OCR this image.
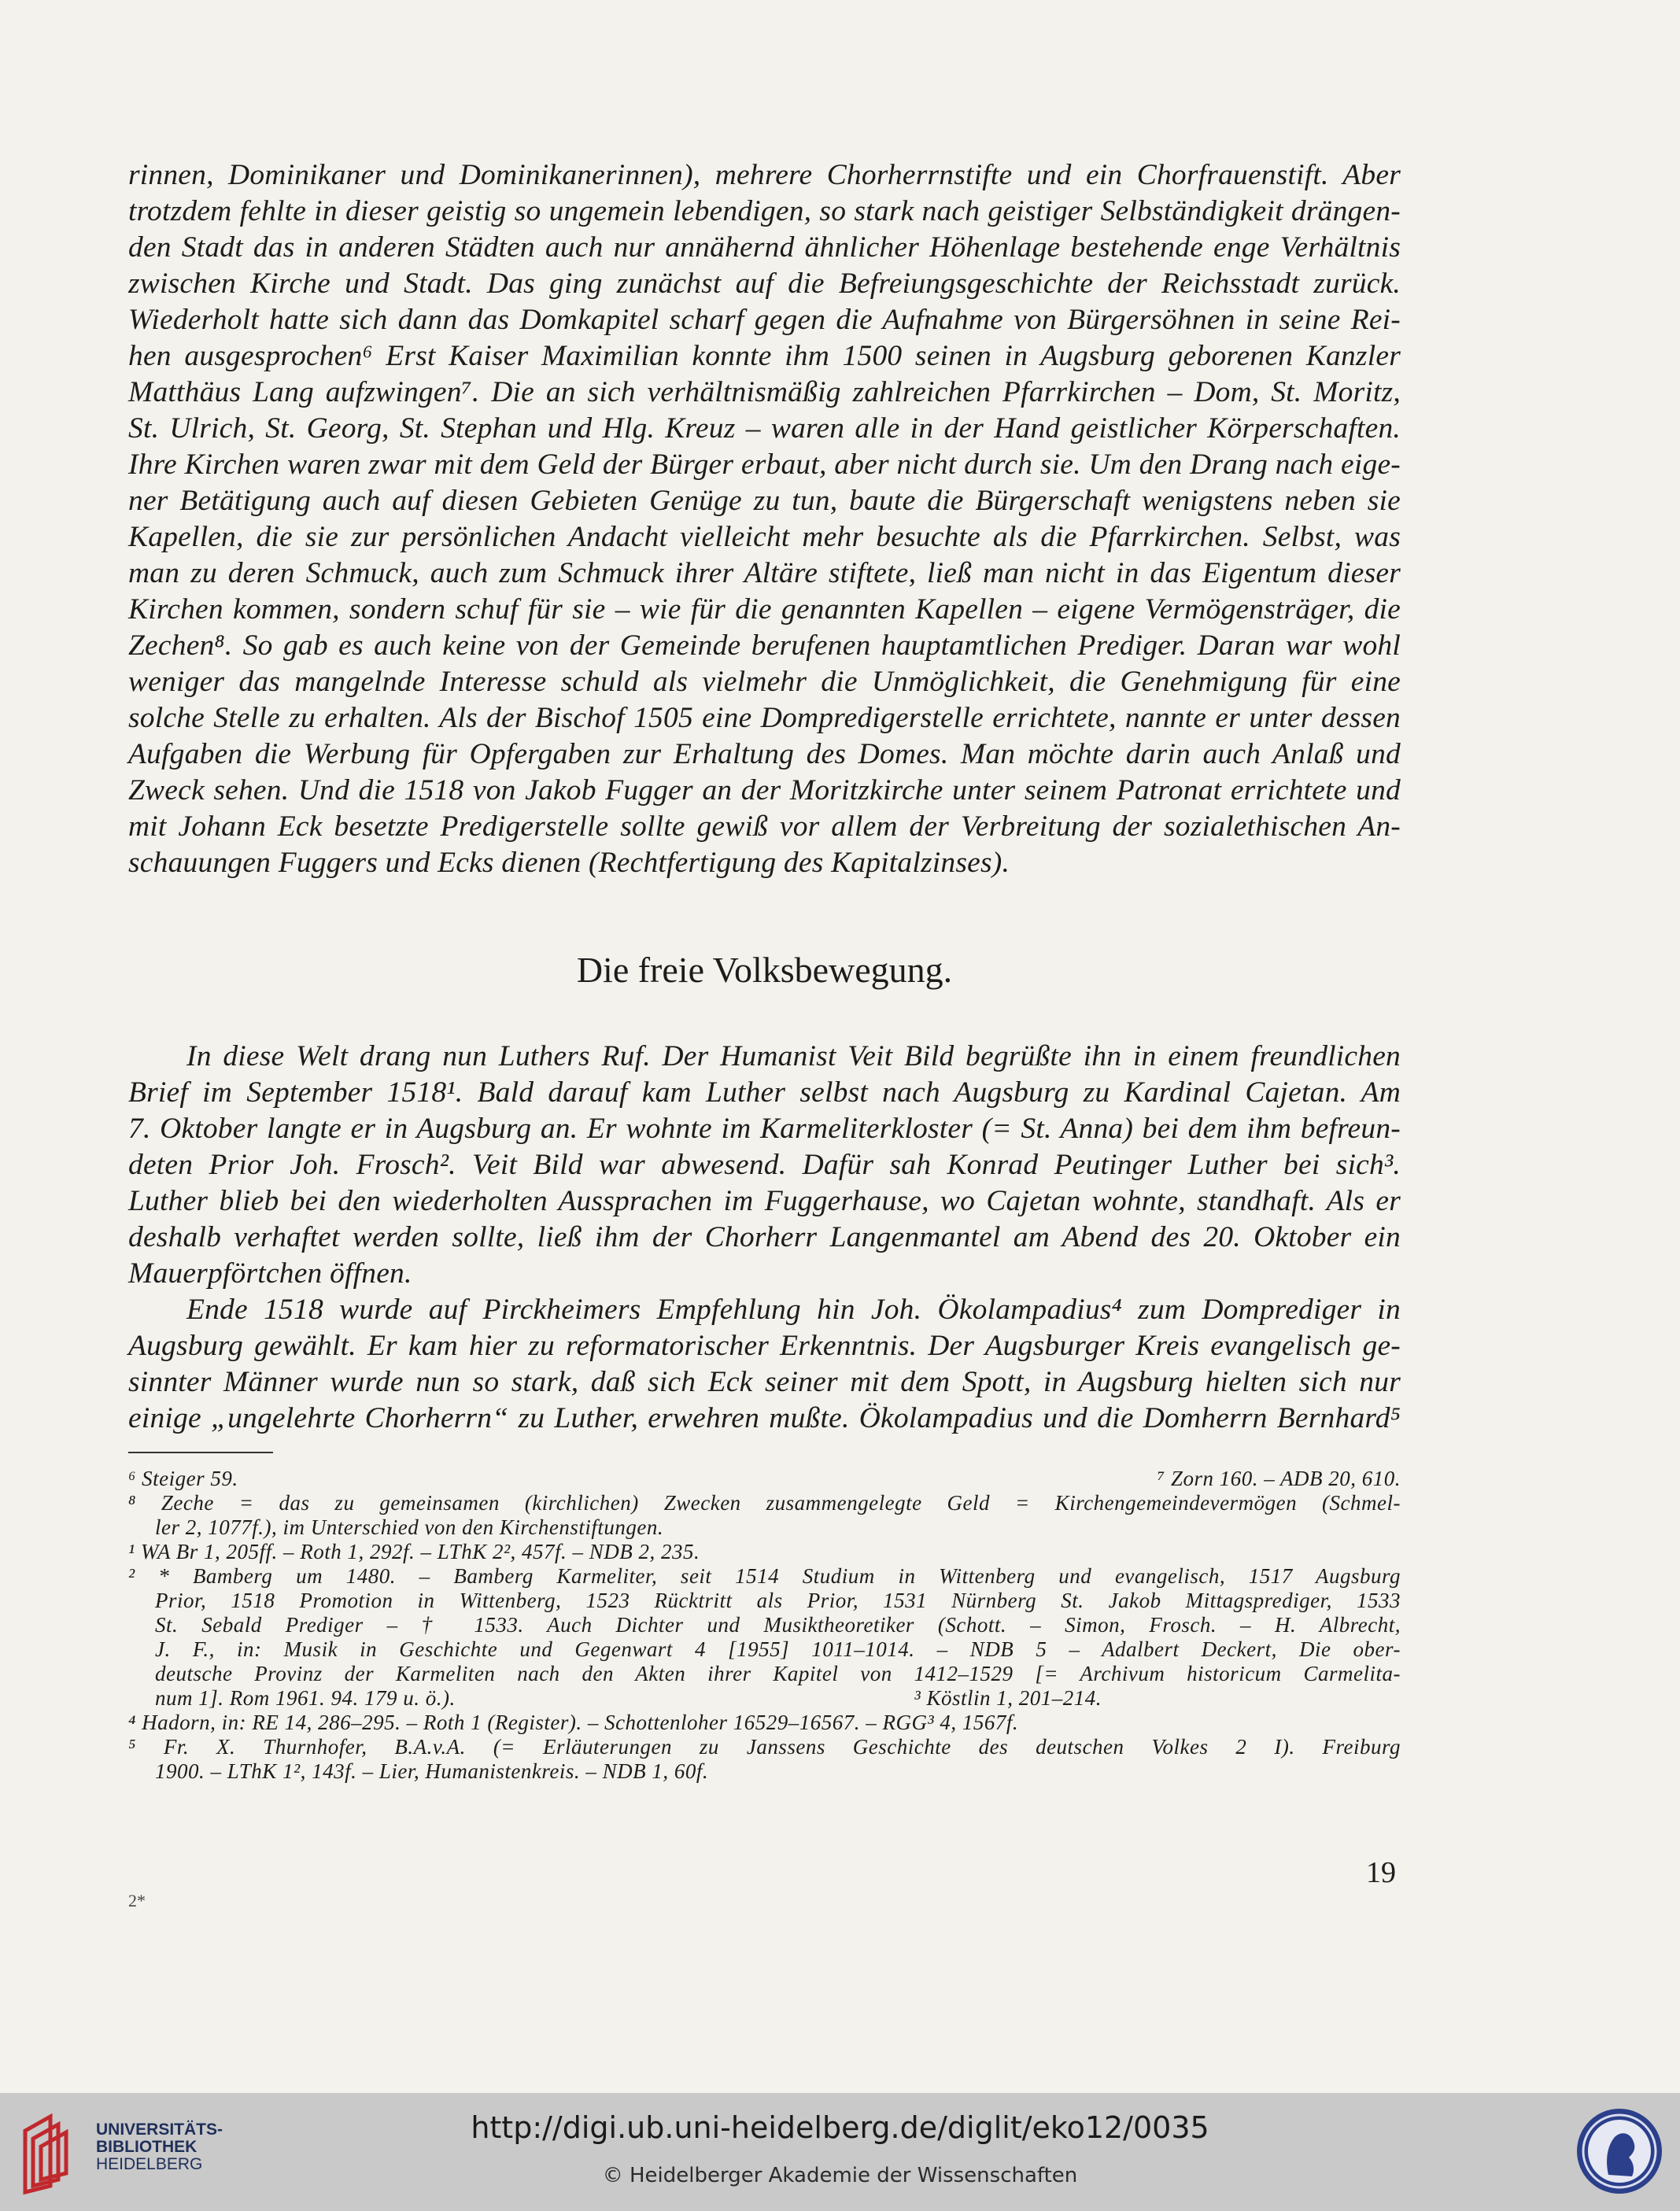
rinnen, Dominikaner und Dominikanerinnen), mehrere Chorherrnstifte und ein Chorfrauenstift. Aber
trotzdem fehlte in dieser geistig so ungemein lebendigen, so stark nach geistiger Selbständigkeit drängen-
den Stadt das in anderen Städten auch nur annähernd ähnlicher Höhenlage bestehende enge Verhältnis
zwischen Kirche und Stadt. Das ging zunächst auf die Befreiungsgeschichte der Reichsstadt zurück.
Wiederholt hatte sich dann das Domkapitel scharf gegen die Aufnahme von Bürgersöhnen in seine Rei-
hen ausgesprochen⁶ Erst Kaiser Maximilian konnte ihm 1500 seinen in Augsburg geborenen Kanzler
Matthäus Lang aufzwingen⁷. Die an sich verhältnismäßig zahlreichen Pfarrkirchen – Dom, St. Moritz,
St. Ulrich, St. Georg, St. Stephan und Hlg. Kreuz – waren alle in der Hand geistlicher Körperschaften.
Ihre Kirchen waren zwar mit dem Geld der Bürger erbaut, aber nicht durch sie. Um den Drang nach eige-
ner Betätigung auch auf diesen Gebieten Genüge zu tun, baute die Bürgerschaft wenigstens neben sie
Kapellen, die sie zur persönlichen Andacht vielleicht mehr besuchte als die Pfarrkirchen. Selbst, was
man zu deren Schmuck, auch zum Schmuck ihrer Altäre stiftete, ließ man nicht in das Eigentum dieser
Kirchen kommen, sondern schuf für sie – wie für die genannten Kapellen – eigene Vermögensträger, die
Zechen⁸. So gab es auch keine von der Gemeinde berufenen hauptamtlichen Prediger. Daran war wohl
weniger das mangelnde Interesse schuld als vielmehr die Unmöglichkeit, die Genehmigung für eine
solche Stelle zu erhalten. Als der Bischof 1505 eine Dompredigerstelle errichtete, nannte er unter dessen
Aufgaben die Werbung für Opfergaben zur Erhaltung des Domes. Man möchte darin auch Anlaß und
Zweck sehen. Und die 1518 von Jakob Fugger an der Moritzkirche unter seinem Patronat errichtete und
mit Johann Eck besetzte Predigerstelle sollte gewiß vor allem der Verbreitung der sozialethischen An-
schauungen Fuggers und Ecks dienen (Rechtfertigung des Kapitalzinses).
Die freie Volksbewegung.
In diese Welt drang nun Luthers Ruf. Der Humanist Veit Bild begrüßte ihn in einem freundlichen
Brief im September 1518¹. Bald darauf kam Luther selbst nach Augsburg zu Kardinal Cajetan. Am
7. Oktober langte er in Augsburg an. Er wohnte im Karmeliterkloster (= St. Anna) bei dem ihm befreun-
deten Prior Joh. Frosch². Veit Bild war abwesend. Dafür sah Konrad Peutinger Luther bei sich³.
Luther blieb bei den wiederholten Aussprachen im Fuggerhause, wo Cajetan wohnte, standhaft. Als er
deshalb verhaftet werden sollte, ließ ihm der Chorherr Langenmantel am Abend des 20. Oktober ein
Mauerpförtchen öffnen.
Ende 1518 wurde auf Pirckheimers Empfehlung hin Joh. Ökolampadius⁴ zum Domprediger in
Augsburg gewählt. Er kam hier zu reformatorischer Erkenntnis. Der Augsburger Kreis evangelisch ge-
sinnter Männer wurde nun so stark, daß sich Eck seiner mit dem Spott, in Augsburg hielten sich nur
einige „ungelehrte Chorherrn“ zu Luther, erwehren mußte. Ökolampadius und die Domherrn Bernhard⁵
⁶ Steiger 59.	⁷ Zorn 160. – ADB 20, 610.
⁸ Zeche = das zu gemeinsamen (kirchlichen) Zwecken zusammengelegte Geld = Kirchengemeindevermögen (Schmel-
ler 2, 1077f.), im Unterschied von den Kirchenstiftungen.
¹ WA Br 1, 205ff. – Roth 1, 292f. – LThK 2², 457f. – NDB 2, 235.
² * Bamberg um 1480. – Bamberg Karmeliter, seit 1514 Studium in Wittenberg und evangelisch, 1517 Augsburg
Prior, 1518 Promotion in Wittenberg, 1523 Rücktritt als Prior, 1531 Nürnberg St. Jakob Mittagsprediger, 1533
St. Sebald Prediger – † 1533. Auch Dichter und Musiktheoretiker (Schott. – Simon, Frosch. – H. Albrecht,
J. F., in: Musik in Geschichte und Gegenwart 4 [1955] 1011–1014. – NDB 5 – Adalbert Deckert, Die ober-
deutsche Provinz der Karmeliten nach den Akten ihrer Kapitel von 1412–1529 [= Archivum historicum Carmelita-
num 1]. Rom 1961. 94. 179 u. ö.).	³ Köstlin 1, 201–214.
⁴ Hadorn, in: RE 14, 286–295. – Roth 1 (Register). – Schottenloher 16529–16567. – RGG³ 4, 1567f.
⁵ Fr. X. Thurnhofer, B.A.v.A. (= Erläuterungen zu Janssens Geschichte des deutschen Volkes 2 I). Freiburg
1900. – LThK 1², 143f. – Lier, Humanistenkreis. – NDB 1, 60f.
19
2*
UNIVERSITÄTS-
BIBLIOTHEK
HEIDELBERG
http://digi.ub.uni-heidelberg.de/diglit/eko12/0035
© Heidelberger Akademie der Wissenschaften
